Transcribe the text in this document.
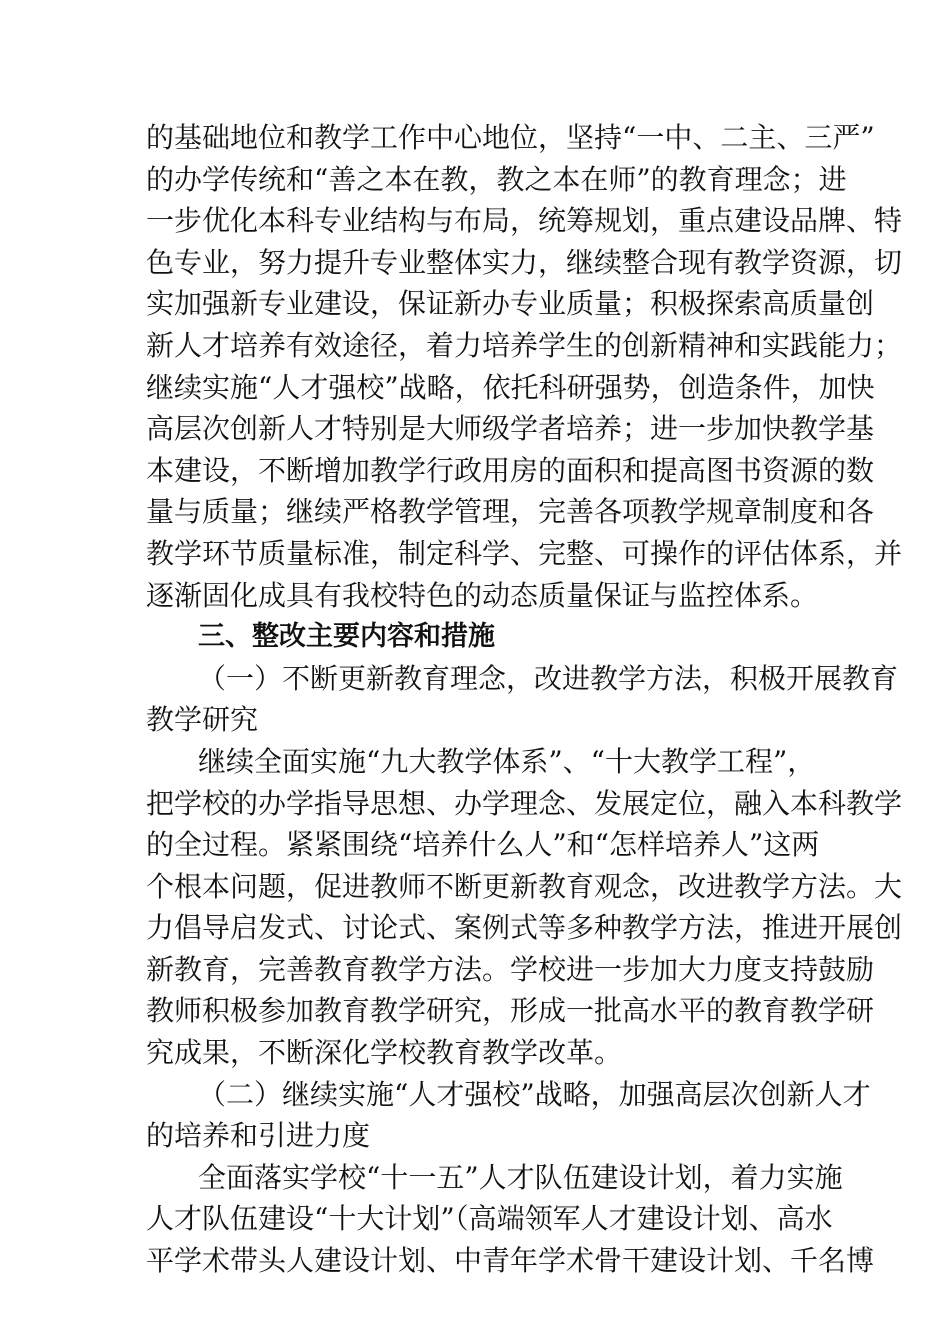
的基础地位和教学工作中心地位，坚持“一中、二主、三严”
的办学传统和“善之本在教，教之本在师”的教育理念；进
一步优化本科专业结构与布局，统筹规划，重点建设品牌、特
色专业，努力提升专业整体实力，继续整合现有教学资源，切
实加强新专业建设，保证新办专业质量；积极探索高质量创
新人才培养有效途径，着力培养学生的创新精神和实践能力；
继续实施“人才强校”战略，依托科研强势，创造条件，加快
高层次创新人才特别是大师级学者培养；进一步加快教学基
本建设，不断增加教学行政用房的面积和提高图书资源的数
量与质量；继续严格教学管理，完善各项教学规章制度和各
教学环节质量标准，制定科学、完整、可操作的评估体系，并
逐渐固化成具有我校特色的动态质量保证与监控体系。
三、整改主要内容和措施
（一）不断更新教育理念，改进教学方法，积极开展教育
教学研究
继续全面实施“九大教学体系”、“十大教学工程”，
把学校的办学指导思想、办学理念、发展定位，融入本科教学
的全过程。紧紧围绕“培养什么人”和“怎样培养人”这两
个根本问题，促进教师不断更新教育观念，改进教学方法。大
力倡导启发式、讨论式、案例式等多种教学方法，推进开展创
新教育，完善教育教学方法。学校进一步加大力度支持鼓励
教师积极参加教育教学研究，形成一批高水平的教育教学研
究成果，不断深化学校教育教学改革。
（二）继续实施“人才强校”战略，加强高层次创新人才
的培养和引进力度
全面落实学校“十一五”人才队伍建设计划，着力实施
人才队伍建设“十大计划”（高端领军人才建设计划、高水
平学术带头人建设计划、中青年学术骨干建设计划、千名博
